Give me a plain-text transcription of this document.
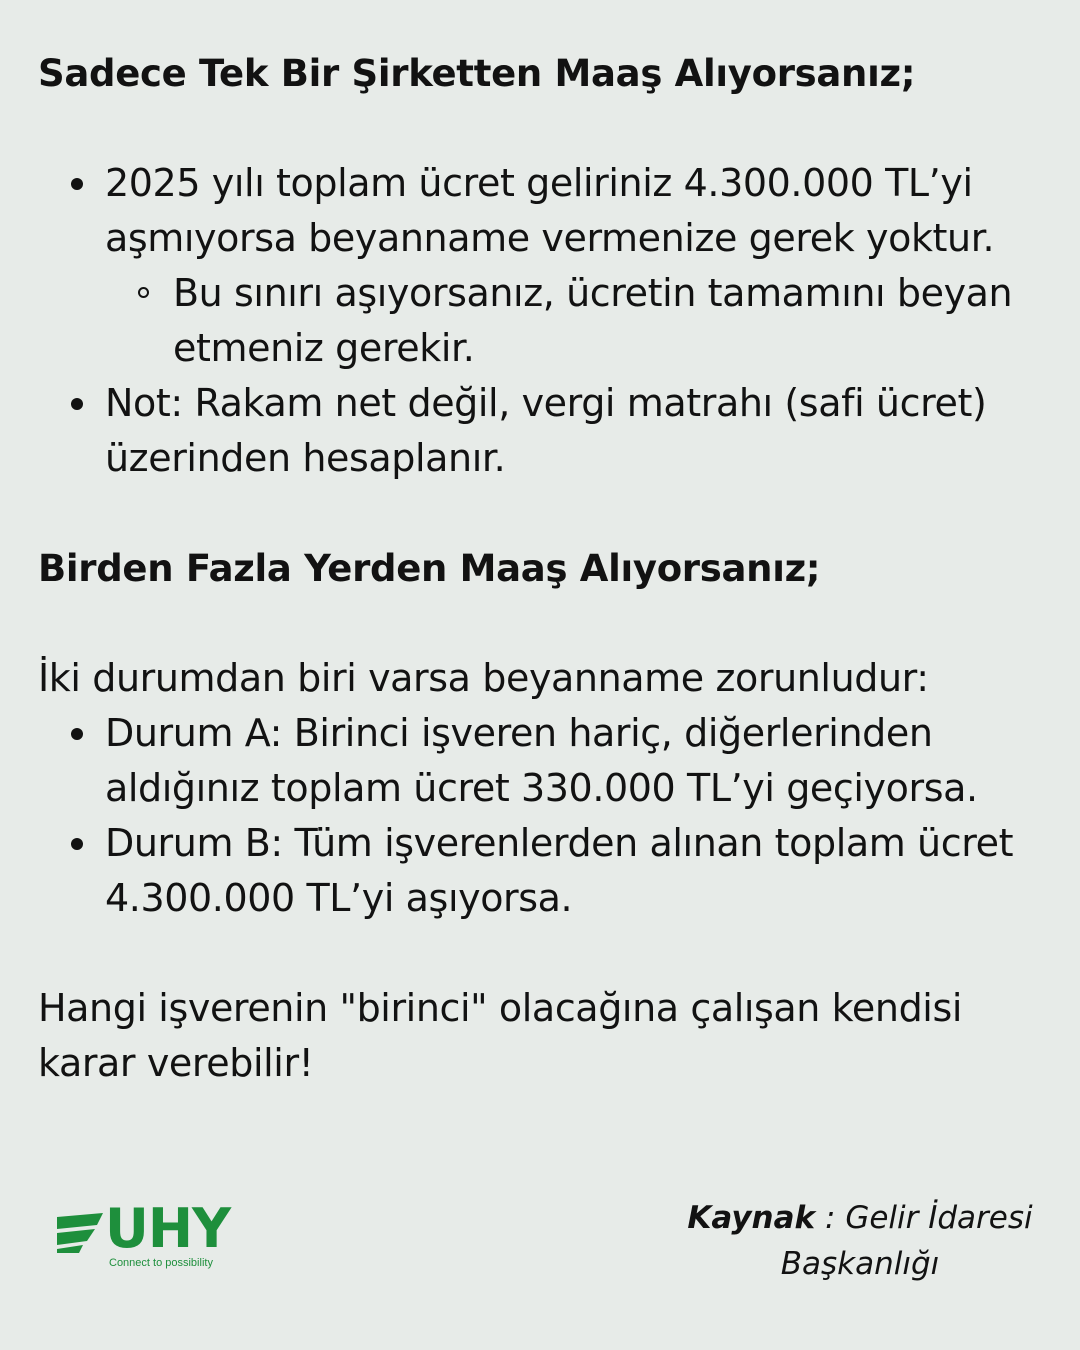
Sadece Tek Bir Şirketten Maaş Alıyorsanız;
2025 yılı toplam ücret geliriniz 4.300.000 TL’yi aşmıyorsa beyanname vermenize gerek yoktur.
Bu sınırı aşıyorsanız, ücretin tamamını beyan etmeniz gerekir.
Not: Rakam net değil, vergi matrahı (safi ücret) üzerinden hesaplanır.
Birden Fazla Yerden Maaş Alıyorsanız;
İki durumdan biri varsa beyanname zorunludur:
Durum A: Birinci işveren hariç, diğerlerinden aldığınız toplam ücret 330.000 TL’yi geçiyorsa.
Durum B: Tüm işverenlerden alınan toplam ücret 4.300.000 TL’yi aşıyorsa.
Hangi işverenin "birinci" olacağına çalışan kendisi karar verebilir!
UHY
Connect to possibility
Kaynak : Gelir İdaresi Başkanlığı
